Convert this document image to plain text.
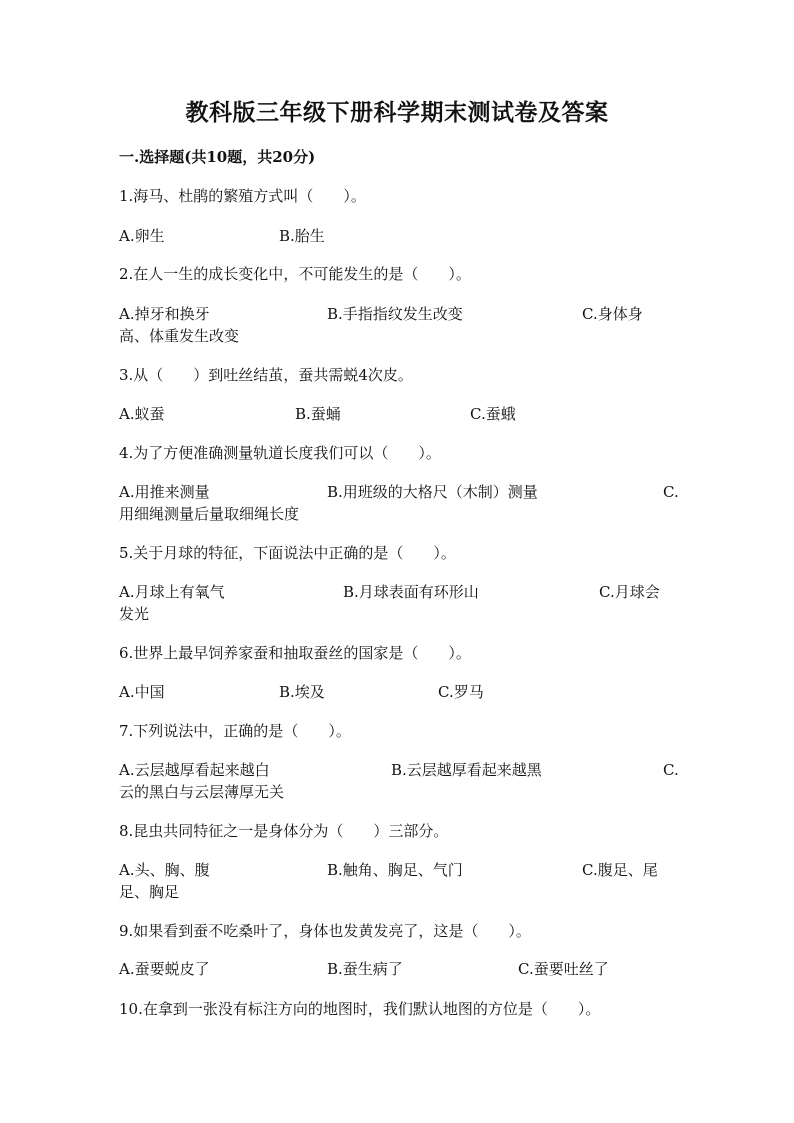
教科版三年级下册科学期末测试卷及答案
一.选择题(共10题，共20分)
1.海马、杜鹃的繁殖方式叫（　　）。
A.卵生	B.胎生
2.在人一生的成长变化中，不可能发生的是（　　）。
A.掉牙和换牙	B.手指指纹发生改变	C.身体身
高、体重发生改变
3.从（　　）到吐丝结茧，蚕共需蜕4次皮。
A.蚁蚕	B.蚕蛹	C.蚕蛾
4.为了方便准确测量轨道长度我们可以（　　）。
A.用推来测量	B.用班级的大格尺（木制）测量	C.
用细绳测量后量取细绳长度
5.关于月球的特征，下面说法中正确的是（　　）。
A.月球上有氧气	B.月球表面有环形山	C.月球会
发光
6.世界上最早饲养家蚕和抽取蚕丝的国家是（　　）。
A.中国	B.埃及	C.罗马
7.下列说法中，正确的是（　　）。
A.云层越厚看起来越白	B.云层越厚看起来越黑	C.
云的黑白与云层薄厚无关
8.昆虫共同特征之一是身体分为（　　）三部分。
A.头、胸、腹	B.触角、胸足、气门	C.腹足、尾
足、胸足
9.如果看到蚕不吃桑叶了，身体也发黄发亮了，这是（　　）。
A.蚕要蜕皮了	B.蚕生病了	C.蚕要吐丝了
10.在拿到一张没有标注方向的地图时，我们默认地图的方位是（　　）。
